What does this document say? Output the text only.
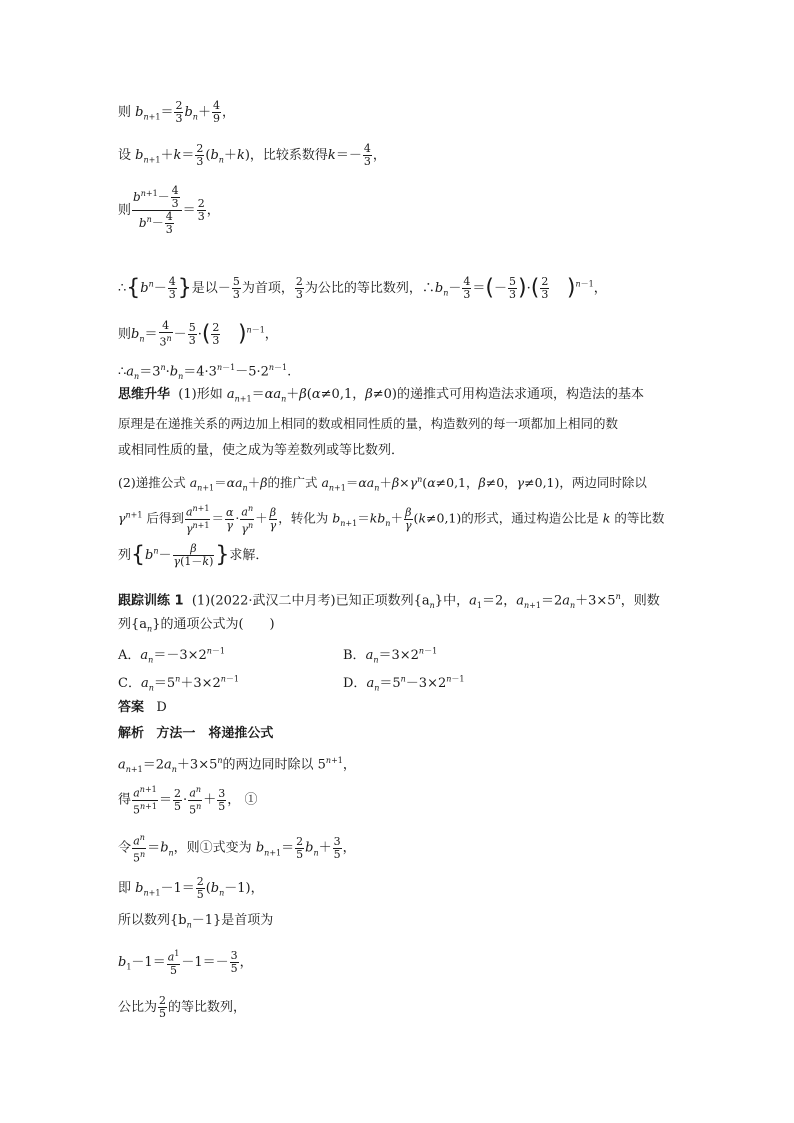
则 $b_{n+1}= \frac{2}{3} b_n+ \frac{4}{9}$ ，
设 $b_{n+1}+k= \frac{2}{3} (b_n+k)$，比较系数得$k=- \frac{4}{3}$ ，
则 $\frac{b^{n+1}- \frac{4}{3}}{b^n- \frac{4}{3}} = \frac{2}{3}$ ，
$\therefore\{b^n- \frac{4}{3}$ }是以－ $\frac{5}{3}$ 为首项， $\frac{2}{3}$ 为公比的等比数列，$\therefore b_n- \frac{4}{3}$ ＝(－ $\frac{5}{3}$ )·( $\frac{2}{3} )^{n-1}$，
则$b_n= \frac{4}{3^n} - \frac{5}{3}$ ·( $\frac{2}{3} )^{n-1}$，
$\therefore a_n=3^n\cdot b_n=4\cdot 3^{n-1}-5\cdot 2^{n-1}$.
思维升华 (1)形如 $a_{n+1}=\alpha a_n+\beta(\alpha\ne 0,1$，β≠0)的递推式可用构造法求通项，构造法的基本
原理是在递推关系的两边加上相同的数或相同性质的量，构造数列的每一项都加上相同的数
或相同性质的量，使之成为等差数列或等比数列．
(2)递推公式 $a_{n+1}=\alpha a_n+\beta$的推广式 $a_{n+1}=\alpha a_n+\beta\times\gamma^n(\alpha\ne 0,1$，β≠0，γ≠0,1)，两边同时除以
$\gamma^{n+1}$ 后得到 $\frac{a^{n+1}}{\gamma^{n+1}} = \frac{\alpha}{\gamma} \cdot \frac{a^n}{\gamma^n} + \frac{\beta}{\gamma}$ ，转化为 $b_{n+1}=kb_n+ \frac{\beta}{\gamma} (k\ne 0,1)$的形式，通过构造公比是 k 的等比数
列{$b^n- \frac{\beta}{\gamma(1-k)}$ }求解．
跟踪训练 1 (1)(2022·武汉二中月考)已知正项数列$\{a_n\}$中，$a_1=2$，$a_{n+1}=2a_n+3\times 5^n$，则数
列$\{a_n\}$的通项公式为(　　)
A．$a_n=-3\times 2^{n-1}$	B．$a_n=3\times 2^{n-1}$
C．$a_n=5^n+3\times 2^{n-1}$	D．$a_n=5^n-3\times 2^{n-1}$
答案 D
解析 方法一　将递推公式
$a_{n+1}=2a_n+3\times 5^n$的两边同时除以 $5^{n+1}$，
得 $\frac{a^{n+1}}{5^{n+1}} = \frac{2}{5} \cdot \frac{a^n}{5^n} + \frac{3}{5}$ ， ①
令 $\frac{a^n}{5^n} =b_n$，则①式变为 $b_{n+1}= \frac{2}{5} b_n+ \frac{3}{5}$ ，
即 $b_{n+1}-1= \frac{2}{5} (b_n-1)$，
所以数列$\{b_n-1\}$是首项为
$b_1-1= \frac{a^1}{5} -1=- \frac{3}{5}$ ，
公比为 $\frac{2}{5}$ 的等比数列，
